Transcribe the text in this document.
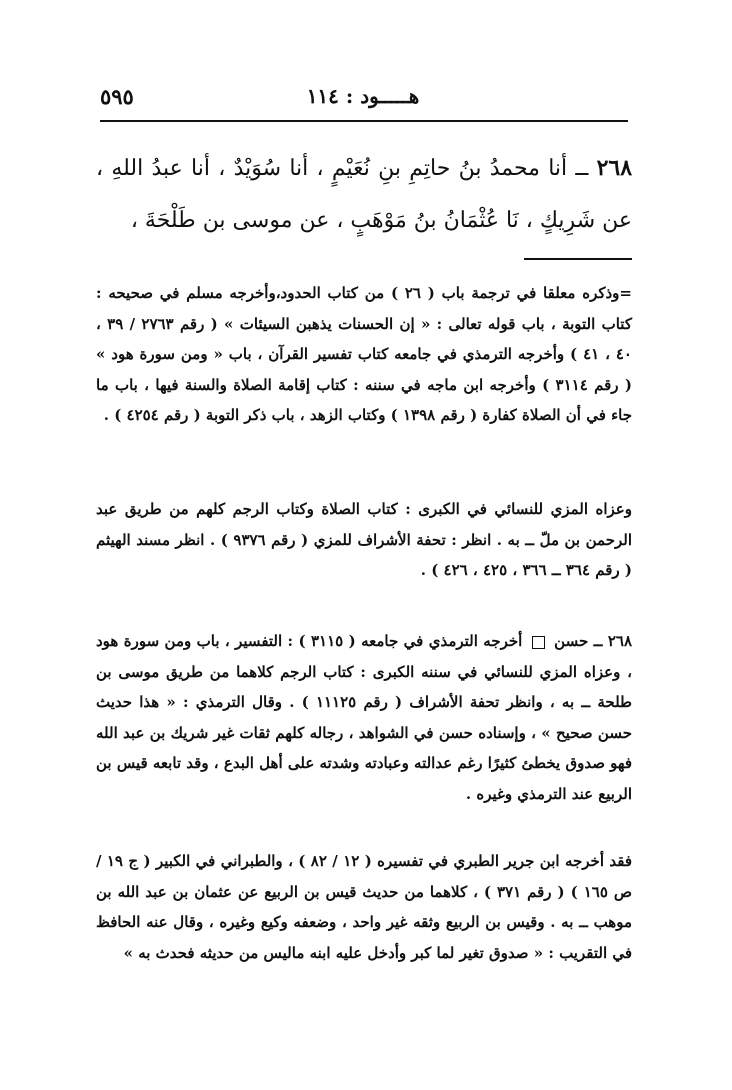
٥٩٥	هـــــود : ١١٤

٢٦٨ ــ أنا محمدُ بنُ حاتِمِ بنِ نُعَيْمٍ ، أنا سُوَيْدٌ ، أنا عبدُ اللهِ ، عن شَرِيكٍ ، نَا عُثْمَانُ بنُ مَوْهَبٍ ، عن موسى بن طَلْحَةَ ،

=وذكره معلقا في ترجمة باب ( ٢٦ ) من كتاب الحدود،وأخرجه مسلم في صحيحه : كتاب التوبة ، باب قوله تعالى : « إن الحسنات يذهبن السيئات » ( رقم ٢٧٦٣ / ٣٩ ، ٤٠ ، ٤١ ) وأخرجه الترمذي في جامعه كتاب تفسير القرآن ، باب « ومن سورة هود » ( رقم ٣١١٤ ) وأخرجه ابن ماجه في سننه : كتاب إقامة الصلاة والسنة فيها ، باب ما جاء في أن الصلاة كفارة ( رقم ١٣٩٨ ) وكتاب الزهد ، باب ذكر التوبة ( رقم ٤٢٥٤ ) .

وعزاه المزي للنسائي في الكبرى : كتاب الصلاة وكتاب الرجم كلهم من طريق عبد الرحمن بن ملّ ــ به . انظر : تحفة الأشراف للمزي ( رقم ٩٣٧٦ ) . انظر مسند الهيثم ( رقم ٣٦٤ ــ ٣٦٦ ، ٤٢٥ ، ٤٢٦ ) .

٢٦٨ ــ حسن  أخرجه الترمذي في جامعه ( ٣١١٥ ) : التفسير ، باب ومن سورة هود ، وعزاه المزي للنسائي في سننه الكبرى : كتاب الرجم كلاهما من طريق موسى بن طلحة ــ به ، وانظر تحفة الأشراف ( رقم ١١١٢٥ ) . وقال الترمذي : « هذا حديث حسن صحيح » ، وإسناده حسن في الشواهد ، رجاله كلهم ثقات غير شريك بن عبد الله فهو صدوق يخطئ كثيرًا رغم عدالته وعبادته وشدته على أهل البدع ، وقد تابعه قيس بن الربيع عند الترمذي وغيره .

فقد أخرجه ابن جرير الطبري في تفسيره ( ١٢ / ٨٢ ) ، والطبراني في الكبير ( ج ١٩ / ص ١٦٥ ) ( رقم ٣٧١ ) ، كلاهما من حديث قيس بن الربيع عن عثمان بن عبد الله بن موهب ــ به . وقيس بن الربيع وثقه غير واحد ، وضعفه وكيع وغيره ، وقال عنه الحافظ في التقريب : « صدوق تغير لما كبر وأدخل عليه ابنه ماليس من حديثه فحدث به »
